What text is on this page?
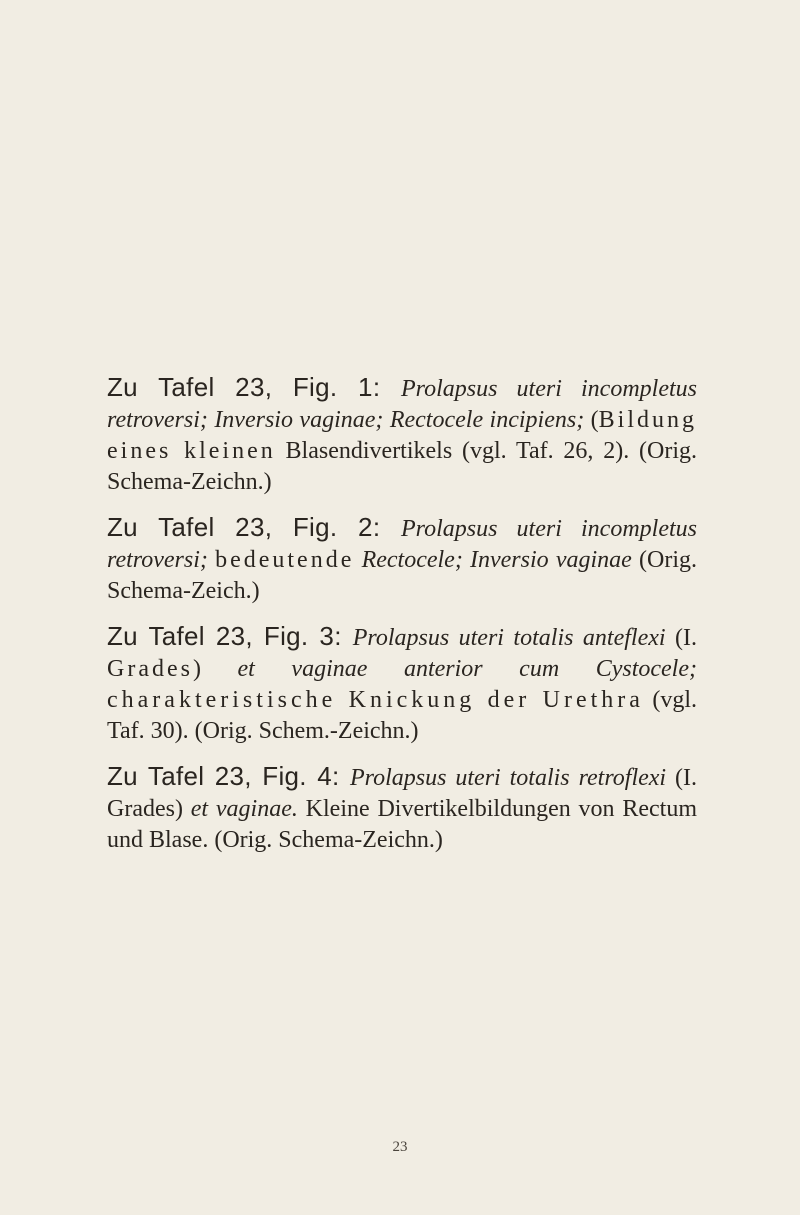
Zu Tafel 23, Fig. 1: Prolapsus uteri incompletus retroversi; Inversio vaginae; Rectocele incipiens; (Bildung eines kleinen Blasendivertikels (vgl. Taf. 26, 2). (Orig. Schema-Zeichn.)

Zu Tafel 23, Fig. 2: Prolapsus uteri incompletus retroversi; bedeutende Rectocele; Inversio vaginae (Orig. Schema-Zeich.)

Zu Tafel 23, Fig. 3: Prolapsus uteri totalis anteflexi (I. Grades) et vaginae anterior cum Cystocele; charakteristische Knickung der Urethra (vgl. Taf. 30). (Orig. Schem.-Zeichn.)

Zu Tafel 23, Fig. 4: Prolapsus uteri totalis retroflexi (I. Grades) et vaginae. Kleine Divertikelbildungen von Rectum und Blase. (Orig. Schema-Zeichn.)

23
